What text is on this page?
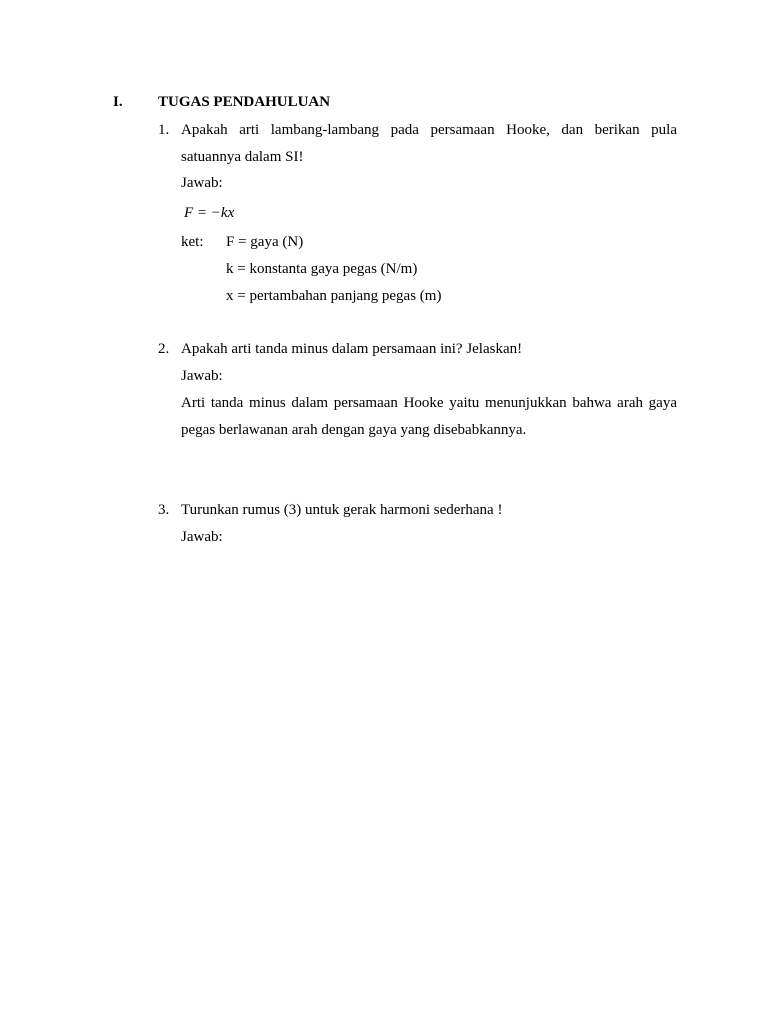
I. TUGAS PENDAHULUAN
1. Apakah arti lambang-lambang pada persamaan Hooke, dan berikan pula
satuannya dalam SI!
Jawab:
F = −kx
ket: F = gaya (N)
k = konstanta gaya pegas (N/m)
x = pertambahan panjang pegas (m)
2. Apakah arti tanda minus dalam persamaan ini? Jelaskan!
Jawab:
Arti tanda minus dalam persamaan Hooke yaitu menunjukkan bahwa arah gaya
pegas berlawanan arah dengan gaya yang disebabkannya.
3. Turunkan rumus (3) untuk gerak harmoni sederhana !
Jawab:
